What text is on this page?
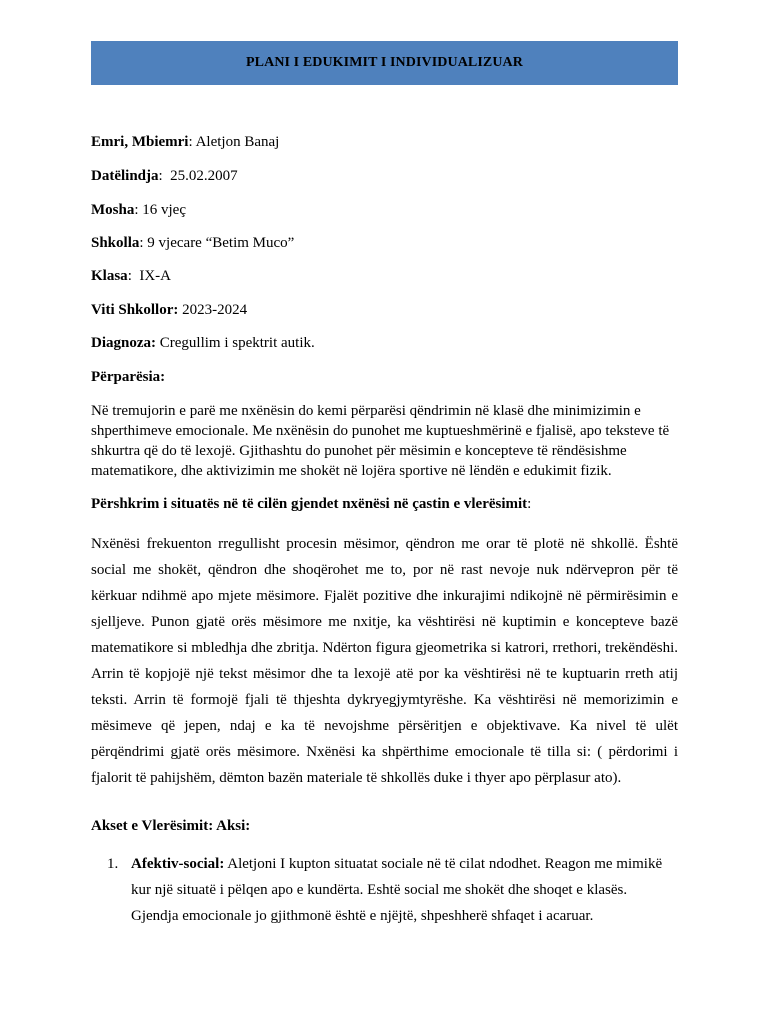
PLANI I EDUKIMIT I INDIVIDUALIZUAR
Emri, Mbiemri: Aletjon Banaj
Datëlindja:  25.02.2007
Mosha: 16 vjeç
Shkolla: 9 vjecare “Betim Muco”
Klasa:  IX-A
Viti Shkollor: 2023-2024
Diagnoza: Cregullim i spektrit autik.
Përparësia:
Në tremujorin e parë me nxënësin do kemi përparësi qëndrimin në klasë dhe minimizimin e shperthimeve emocionale. Me nxënësin do punohet me kuptueshmërinë e fjalisë, apo teksteve të shkurtra që do të lexojë. Gjithashtu do punohet për mësimin e koncepteve të rëndësishme matematikore, dhe aktivizimin me shokët në lojëra sportive në lëndën e edukimit fizik.
Përshkrim i situatës në të cilën gjendet nxënësi në çastin e vlerësimit:
Nxënësi frekuenton rregullisht procesin mësimor, qëndron me orar të plotë në shkollë. Është social me shokët, qëndron dhe shoqërohet me to, por në rast nevoje nuk ndërvepron për të kërkuar ndihmë apo mjete mësimore. Fjalët pozitive dhe inkurajimi ndikojnë në përmirësimin e sjelljeve. Punon gjatë orës mësimore me nxitje, ka vështirësi në kuptimin e koncepteve bazë matematikore si mbledhja dhe zbritja. Ndërton figura gjeometrika si katrori, rrethori, trekëndëshi. Arrin të kopjojë një tekst mësimor dhe ta lexojë atë por ka vështirësi në te kuptuarin rreth atij teksti. Arrin të formojë fjali të thjeshta dykryegjymtyrëshe. Ka vështirësi në memorizimin e mësimeve që jepen, ndaj e ka të nevojshme përsëritjen e objektivave. Ka nivel të ulët përqëndrimi gjatë orës mësimore. Nxënësi ka shpërthime emocionale të tilla si: ( përdorimi i fjalorit të pahijshëm, dëmton bazën materiale të shkollës duke i thyer apo përplasur ato).
Akset e Vlerësimit: Aksi:
1. Afektiv-social: Aletjoni I kupton situatat sociale në të cilat ndodhet. Reagon me mimikë kur një situatë i pëlqen apo e kundërta. Eshtë social me shokët dhe shoqet e klasës. Gjendja emocionale jo gjithmonë është e njëjtë, shpeshherë shfaqet i acaruar.
